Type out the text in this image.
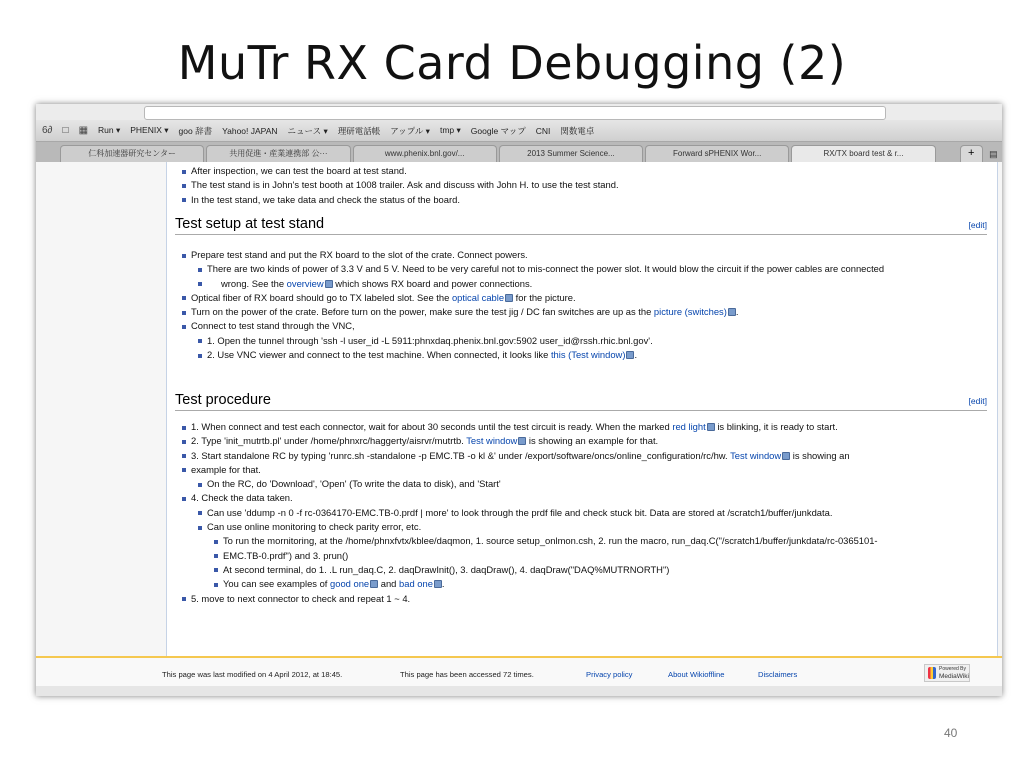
MuTr RX Card Debugging (2)
6∂ □ ▦ Run ▾ PHENIX ▾ goo 辞書 Yahoo! JAPAN ニュース ▾ 理研電話帳 アップル ▾ tmp ▾ Google マップ CNI 関数電卓
仁科加速器研究センター	共用促進・産業連携部 公···	www.phenix.bnl.gov/...	2013 Summer Science...	Forward sPHENIX Wor...	RX/TX board test & r...	+	▤
After inspection, we can test the board at test stand.
The test stand is in John's test booth at 1008 trailer. Ask and discuss with John H. to use the test stand.
In the test stand, we take data and check the status of the board.
Test setup at test stand	[edit]
Prepare test stand and put the RX board to the slot of the crate. Connect powers.
There are two kinds of power of 3.3 V and 5 V. Need to be very careful not to mis-connect the power slot. It would blow the circuit if the power cables are connected
wrong. See the overview which shows RX board and power connections.
Optical fiber of RX board should go to TX labeled slot. See the optical cable for the picture.
Turn on the power of the crate. Before turn on the power, make sure the test jig / DC fan switches are up as the picture (switches) .
Connect to test stand through the VNC,
1. Open the tunnel through 'ssh -l user_id -L 5911:phnxdaq.phenix.bnl.gov:5902 user_id@rssh.rhic.bnl.gov'.
2. Use VNC viewer and connect to the test machine. When connected, it looks like this (Test window) .
Test procedure	[edit]
1. When connect and test each connector, wait for about 30 seconds until the test circuit is ready. When the marked red light is blinking, it is ready to start.
2. Type 'init_mutrtb.pl' under /home/phnxrc/haggerty/aisrvr/mutrtb. Test window is showing an example for that.
3. Start standalone RC by typing 'runrc.sh -standalone -p EMC.TB -o kl &' under /export/software/oncs/online_configuration/rc/hw. Test window is showing an
example for that.
On the RC, do 'Download', 'Open' (To write the data to disk), and 'Start'
4. Check the data taken.
Can use 'ddump -n 0 -f rc-0364170-EMC.TB-0.prdf | more' to look through the prdf file and check stuck bit. Data are stored at /scratch1/buffer/junkdata.
Can use online monitoring to check parity error, etc.
To run the mornitoring, at the /home/phnxfvtx/kblee/daqmon, 1. source setup_onlmon.csh, 2. run the macro, run_daq.C("/scratch1/buffer/junkdata/rc-0365101-
EMC.TB-0.prdf") and 3. prun()
At second terminal, do 1. .L run_daq.C, 2. daqDrawInit(), 3. daqDraw(), 4. daqDraw("DAQ%MUTRNORTH")
You can see examples of good one and bad one .
5. move to next connector to check and repeat 1 ~ 4.
This page was last modified on 4 April 2012, at 18:45.	This page has been accessed 72 times.	Privacy policy	About Wikioffline	Disclaimers
Powered By
MediaWiki
40
